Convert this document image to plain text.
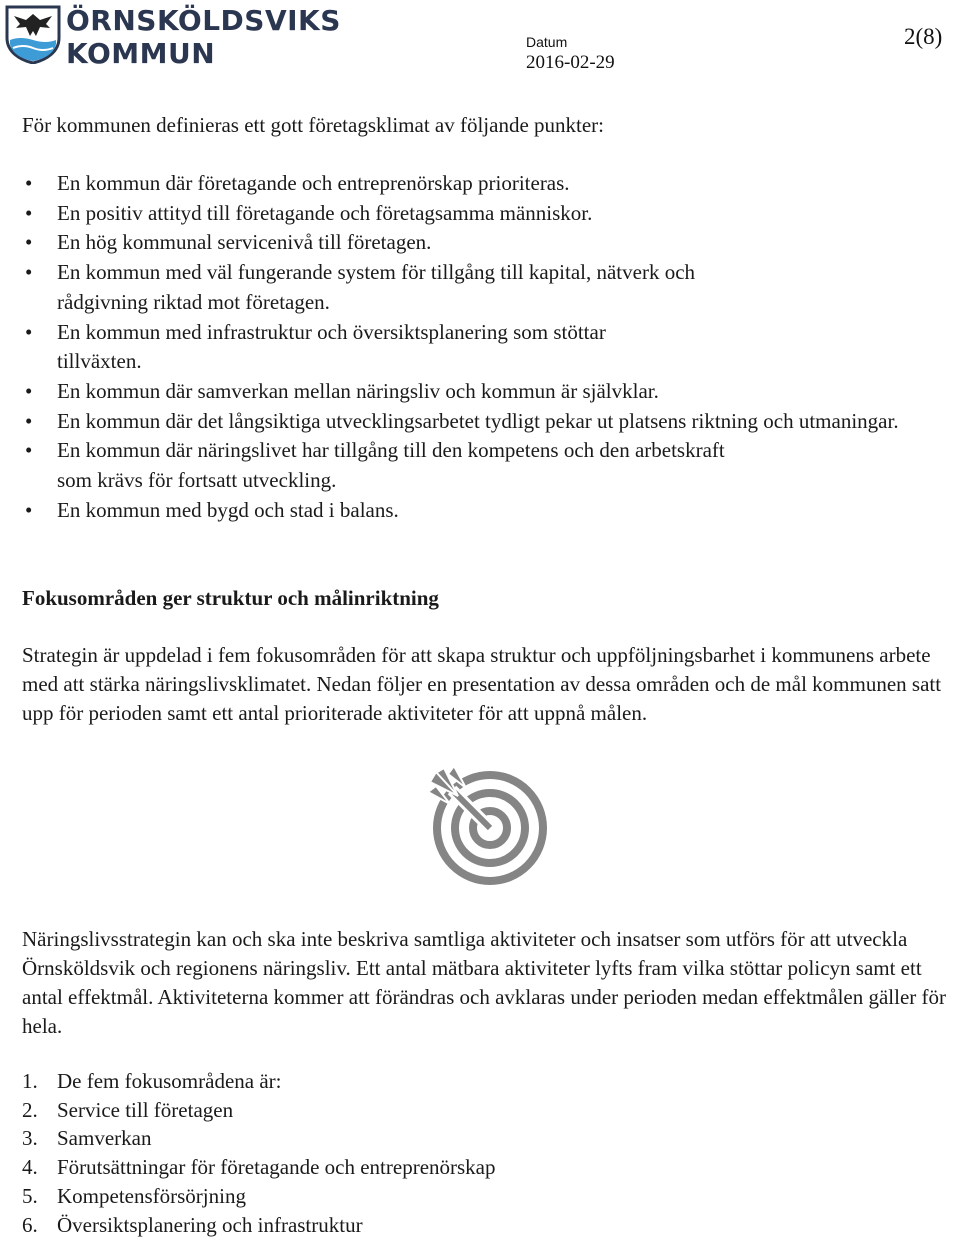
ÖRNSKÖLDSVIKS
KOMMUN	Datum
2016-02-29
2(8)
För kommunen definieras ett gott företagsklimat av följande punkter:
• En kommun där företagande och entreprenörskap prioriteras.
• En positiv attityd till företagande och företagsamma människor.
• En hög kommunal servicenivå till företagen.
• En kommun med väl fungerande system för tillgång till kapital, nätverk och rådgivning riktad mot företagen.
• En kommun med infrastruktur och översiktsplanering som stöttar tillväxten.
• En kommun där samverkan mellan näringsliv och kommun är självklar.
• En kommun där det långsiktiga utvecklingsarbetet tydligt pekar ut platsens riktning och utmaningar.
• En kommun där näringslivet har tillgång till den kompetens och den arbetskraft som krävs för fortsatt utveckling.
• En kommun med bygd och stad i balans.
Fokusområden ger struktur och målinriktning
Strategin är uppdelad i fem fokusområden för att skapa struktur och uppföljningsbarhet i kommunens arbete med att stärka näringslivsklimatet. Nedan följer en presentation av dessa områden och de mål kommunen satt upp för perioden samt ett antal prioriterade aktiviteter för att uppnå målen.
Näringslivsstrategin kan och ska inte beskriva samtliga aktiviteter och insatser som utförs för att utveckla Örnsköldsvik och regionens näringsliv. Ett antal mätbara aktiviteter lyfts fram vilka stöttar policyn samt ett antal effektmål. Aktiviteterna kommer att förändras och avklaras under perioden medan effektmålen gäller för hela.
1. De fem fokusområdena är:
2. Service till företagen
3. Samverkan
4. Förutsättningar för företagande och entreprenörskap
5. Kompetensförsörjning
6. Översiktsplanering och infrastruktur
